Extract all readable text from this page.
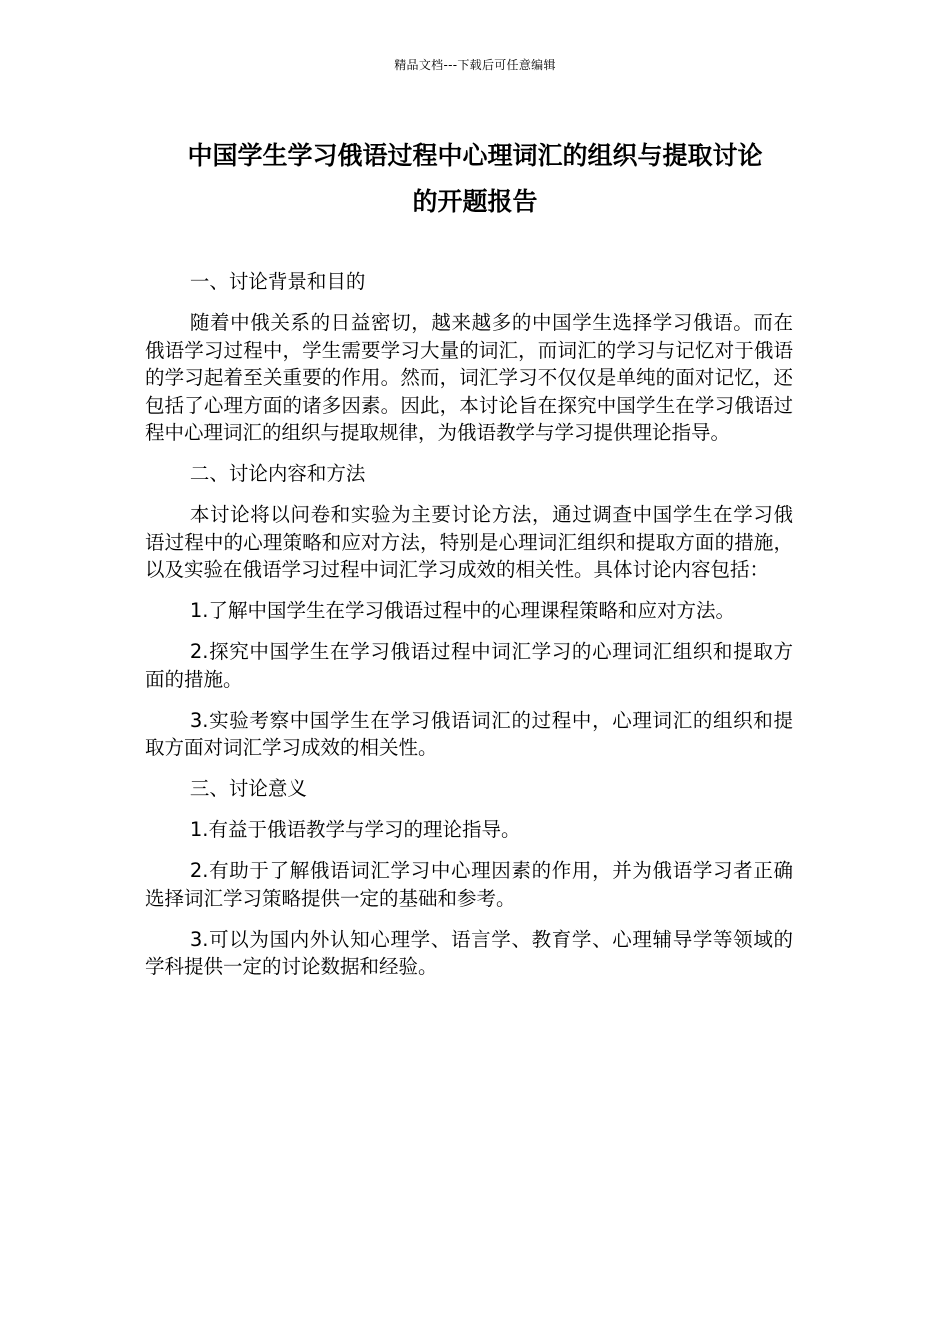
精品文档---下载后可任意编辑
中国学生学习俄语过程中心理词汇的组织与提取讨论
的开题报告

一、讨论背景和目的

随着中俄关系的日益密切，越来越多的中国学生选择学习俄语。而在俄语学习过程中，学生需要学习大量的词汇，而词汇的学习与记忆对于俄语的学习起着至关重要的作用。然而，词汇学习不仅仅是单纯的面对记忆，还包括了心理方面的诸多因素。因此，本讨论旨在探究中国学生在学习俄语过程中心理词汇的组织与提取规律，为俄语教学与学习提供理论指导。

二、讨论内容和方法

本讨论将以问卷和实验为主要讨论方法，通过调查中国学生在学习俄语过程中的心理策略和应对方法，特别是心理词汇组织和提取方面的措施，以及实验在俄语学习过程中词汇学习成效的相关性。具体讨论内容包括：

1.了解中国学生在学习俄语过程中的心理课程策略和应对方法。

2.探究中国学生在学习俄语过程中词汇学习的心理词汇组织和提取方面的措施。

3.实验考察中国学生在学习俄语词汇的过程中，心理词汇的组织和提取方面对词汇学习成效的相关性。

三、讨论意义

1.有益于俄语教学与学习的理论指导。

2.有助于了解俄语词汇学习中心理因素的作用，并为俄语学习者正确选择词汇学习策略提供一定的基础和参考。

3.可以为国内外认知心理学、语言学、教育学、心理辅导学等领域的学科提供一定的讨论数据和经验。
